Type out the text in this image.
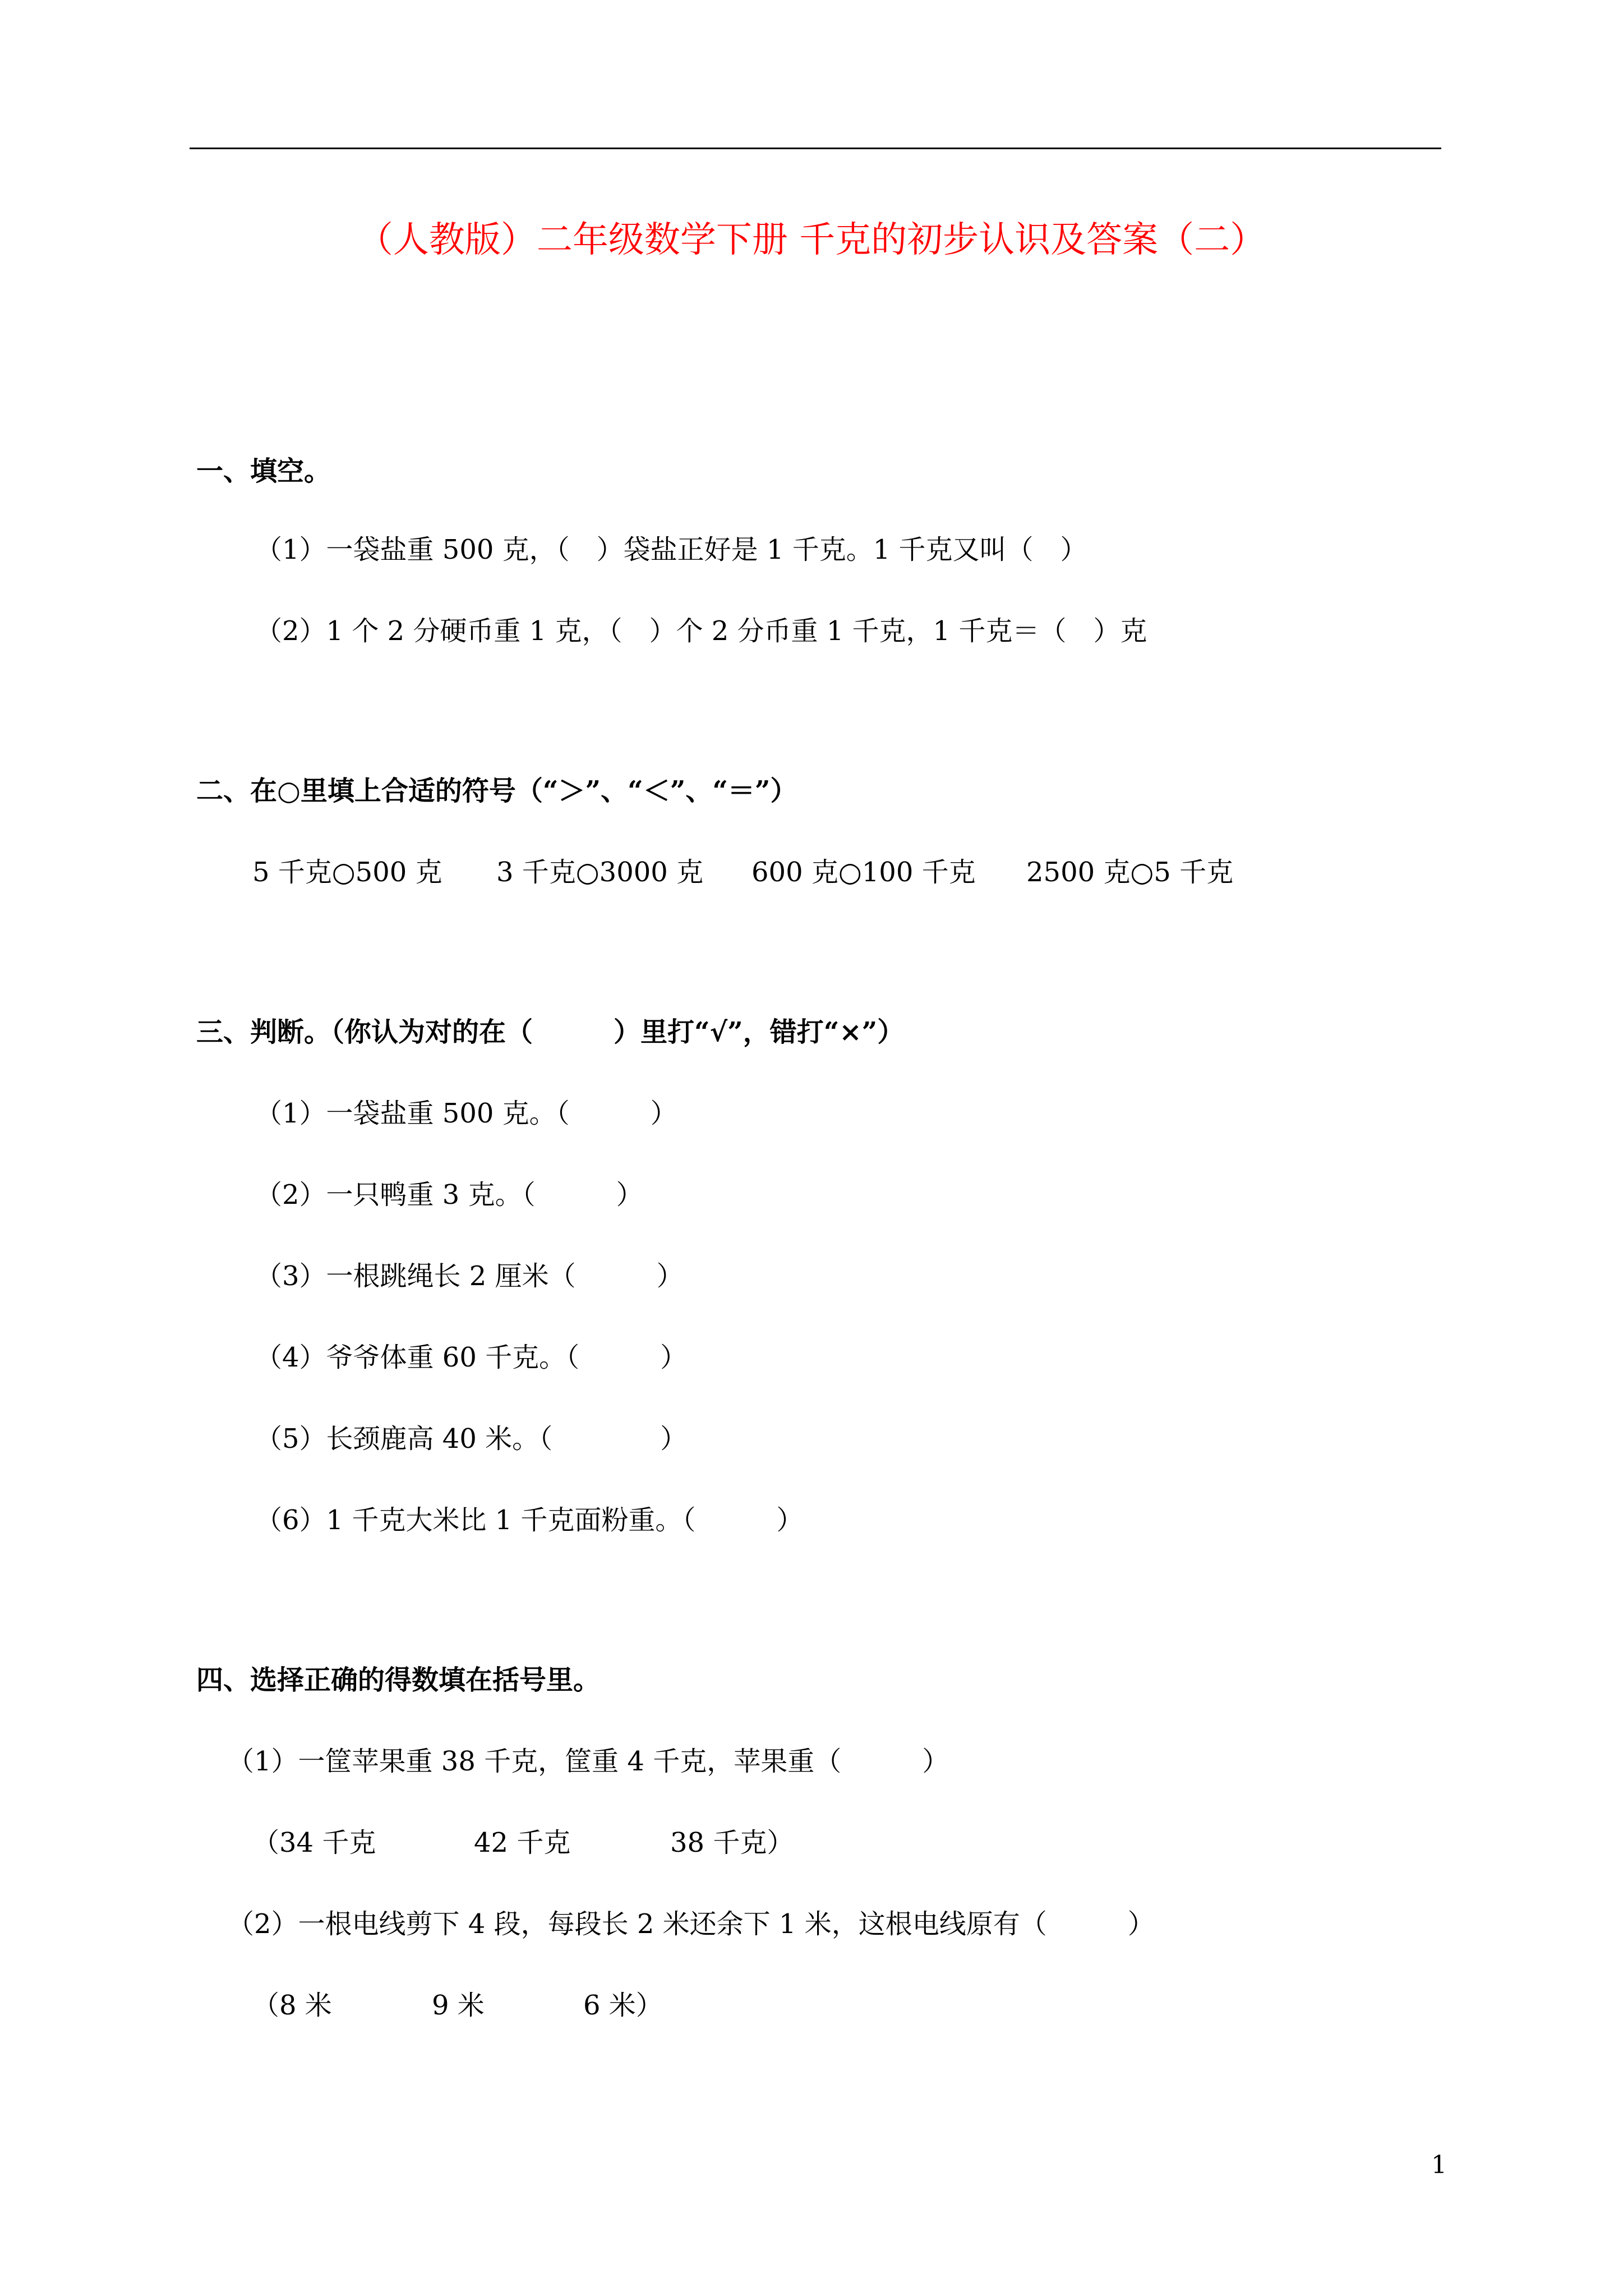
（人教版）二年级数学下册 千克的初步认识及答案（二）
一、填空。
（1）一袋盐重 500 克，（　）袋盐正好是 1 千克。1 千克又叫（　）
（2）1 个 2 分硬币重 1 克，（　）个 2 分币重 1 千克，1 千克＝（　）克
二、在○里填上合适的符号（“＞”、“＜”、“＝”）
5 千克○500 克 3 千克○3000 克 600 克○100 千克 2500 克○5 千克
三、判断。（你认为对的在（　　　）里打“√”，错打“×”）
（1）一袋盐重 500 克。（　　　）
（2）一只鸭重 3 克。（　　　）
（3）一根跳绳长 2 厘米（　　　）
（4）爷爷体重 60 千克。（　　　）
（5）长颈鹿高 40 米。（　　　　）
（6）1 千克大米比 1 千克面粉重。（　　　）
四、选择正确的得数填在括号里。
（1）一筐苹果重 38 千克，筐重 4 千克，苹果重（　　　）

（34 千克

	42 千克

	38 千克）

（2）一根电线剪下 4 段，每段长 2 米还余下 1 米，这根电线原有（　　　）

（8 米

	9 米

	6 米）

1
